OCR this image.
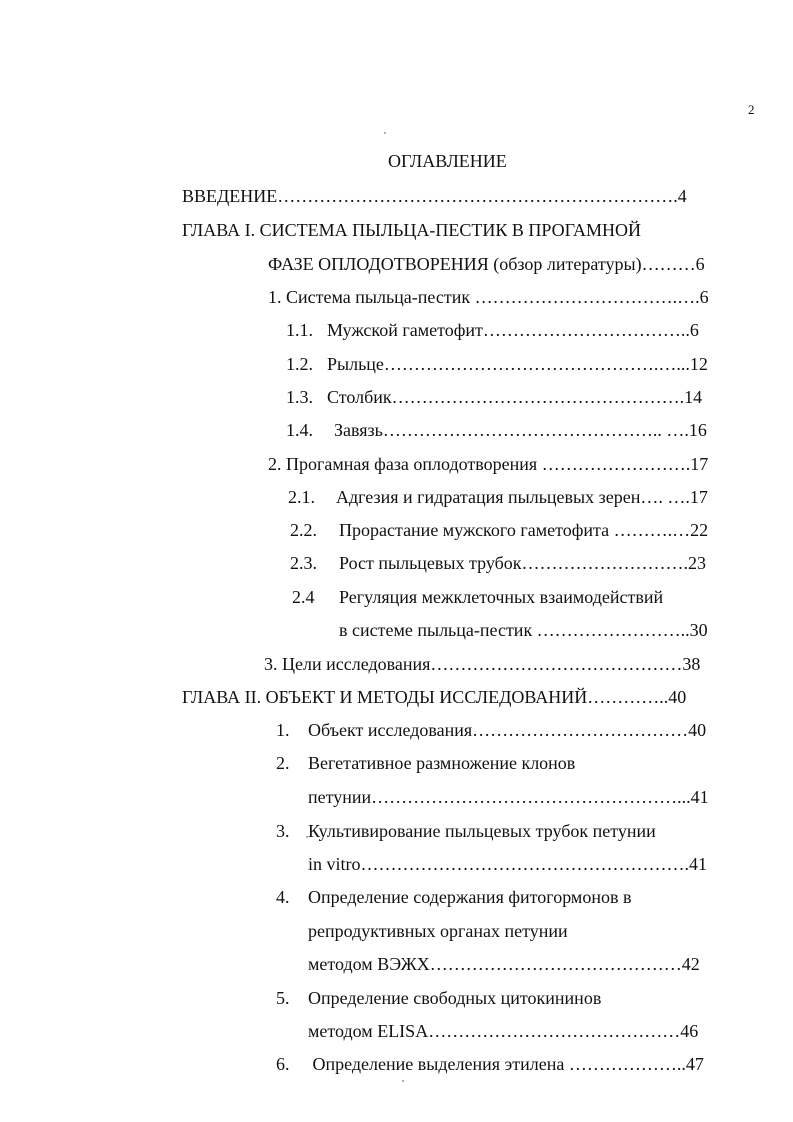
2
ОГЛАВЛЕНИЕ
ВВЕДЕНИЕ………………………………………………………….4
ГЛАВА I. СИСТЕМА ПЫЛЬЦА-ПЕСТИК В ПРОГАМНОЙ
ФАЗЕ ОПЛОДОТВОРЕНИЯ (обзор литературы)………6
1. Система пыльца-пестик …………………………….….6
1.1. Мужской гаметофит……………………………..6
1.2. Рыльце……………………………………….…...12
1.3. Столбик………………………………………….14
1.4. Завязь……………………………………….. ….16
2. Прогамная фаза оплодотворения …………………….17
2.1. Адгезия и гидратация пыльцевых зерен…. ….17
2.2. Прорастание мужского гаметофита ……….…22
2.3. Рост пыльцевых трубок……………………….23
2.4 Регуляция межклеточных взаимодействий
в системе пыльца-пестик ……………………..30
3. Цели исследования……………………………………38
ГЛАВА II. ОБЪЕКТ И МЕТОДЫ ИССЛЕДОВАНИЙ…………..40
1. Объект исследования………………………………40
2. Вегетативное размножение клонов
петунии……………………………………………...41
3. Культивирование пыльцевых трубок петунии
in vitro……………………………………………….41
4. Определение содержания фитогормонов в
репродуктивных органах петунии
методом ВЭЖХ……………………………………42
5. Определение свободных цитокининов
методом ELISA……………………………………46
6. Определение выделения этилена ………………..47
